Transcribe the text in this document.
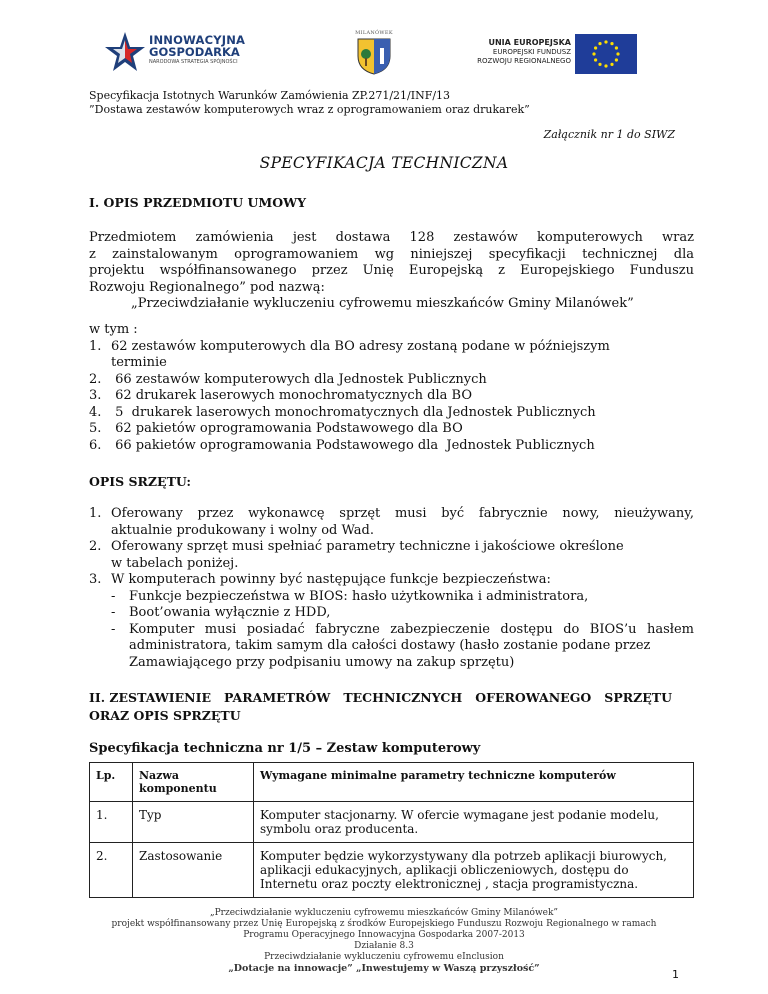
INNOWACYJNA
GOSPODARKA
NARODOWA STRATEGIA SPÓJNOŚCI
MILANÓWEK
UNIA EUROPEJSKA
EUROPEJSKI FUNDUSZ
ROZWOJU REGIONALNEGO
Specyfikacja Istotnych Warunków Zamówienia ZP.271/21/INF/13
”Dostawa zestawów komputerowych wraz z oprogramowaniem oraz drukarek”
Załącznik nr 1 do SIWZ
SPECYFIKACJA TECHNICZNA
I. OPIS PRZEDMIOTU UMOWY
Przedmiotem zamówienia jest dostawa 128 zestawów komputerowych wraz
z zainstalowanym oprogramowaniem wg niniejszej specyfikacji technicznej dla
projektu współfinansowanego przez Unię Europejską z Europejskiego Funduszu
Rozwoju Regionalnego” pod nazwą:
„Przeciwdziałanie wykluczeniu cyfrowemu mieszkańców Gminy Milanówek”
w tym :
1. 62 zestawów komputerowych dla BO adresy zostaną podane w późniejszym
terminie
2. 66 zestawów komputerowych dla Jednostek Publicznych
3. 62 drukarek laserowych monochromatycznych dla BO
4. 5  drukarek laserowych monochromatycznych dla Jednostek Publicznych
5. 62 pakietów oprogramowania Podstawowego dla BO
6. 66 pakietów oprogramowania Podstawowego dla  Jednostek Publicznych
OPIS SRZĘTU:
1. Oferowany przez wykonawcę sprzęt musi być fabrycznie nowy, nieużywany,
aktualnie produkowany i wolny od Wad.
2. Oferowany sprzęt musi spełniać parametry techniczne i jakościowe określone
w tabelach poniżej.
3. W komputerach powinny być następujące funkcje bezpieczeństwa:
- Funkcje bezpieczeństwa w BIOS: hasło użytkownika i administratora,
- Boot’owania wyłącznie z HDD,
- Komputer musi posiadać fabryczne zabezpieczenie dostępu do BIOS’u hasłem
administratora, takim samym dla całości dostawy (hasło zostanie podane przez
Zamawiającego przy podpisaniu umowy na zakup sprzętu)
II. ZESTAWIENIE   PARAMETRÓW   TECHNICZNYCH   OFEROWANEGO   SPRZĘTU
ORAZ OPIS SPRZĘTU
Specyfikacja techniczna nr 1/5 – Zestaw komputerowy
Lp.	Nazwa komponentu	Wymagane minimalne parametry techniczne komputerów
1.	Typ	Komputer stacjonarny. W ofercie wymagane jest podanie modelu, symbolu oraz producenta.
2.	Zastosowanie	Komputer będzie wykorzystywany dla potrzeb aplikacji biurowych, aplikacji edukacyjnych, aplikacji obliczeniowych, dostępu do Internetu oraz poczty elektronicznej , stacja programistyczna.
„Przeciwdziałanie wykluczeniu cyfrowemu mieszkańców Gminy Milanówek”
projekt współfinansowany przez Unię Europejską z środków Europejskiego Funduszu Rozwoju Regionalnego w ramach
Programu Operacyjnego Innowacyjna Gospodarka 2007-2013
Działanie 8.3
Przeciwdziałanie wykluczeniu cyfrowemu eInclusion
„Dotacje na innowacje” „Inwestujemy w Waszą przyszłość”	1
